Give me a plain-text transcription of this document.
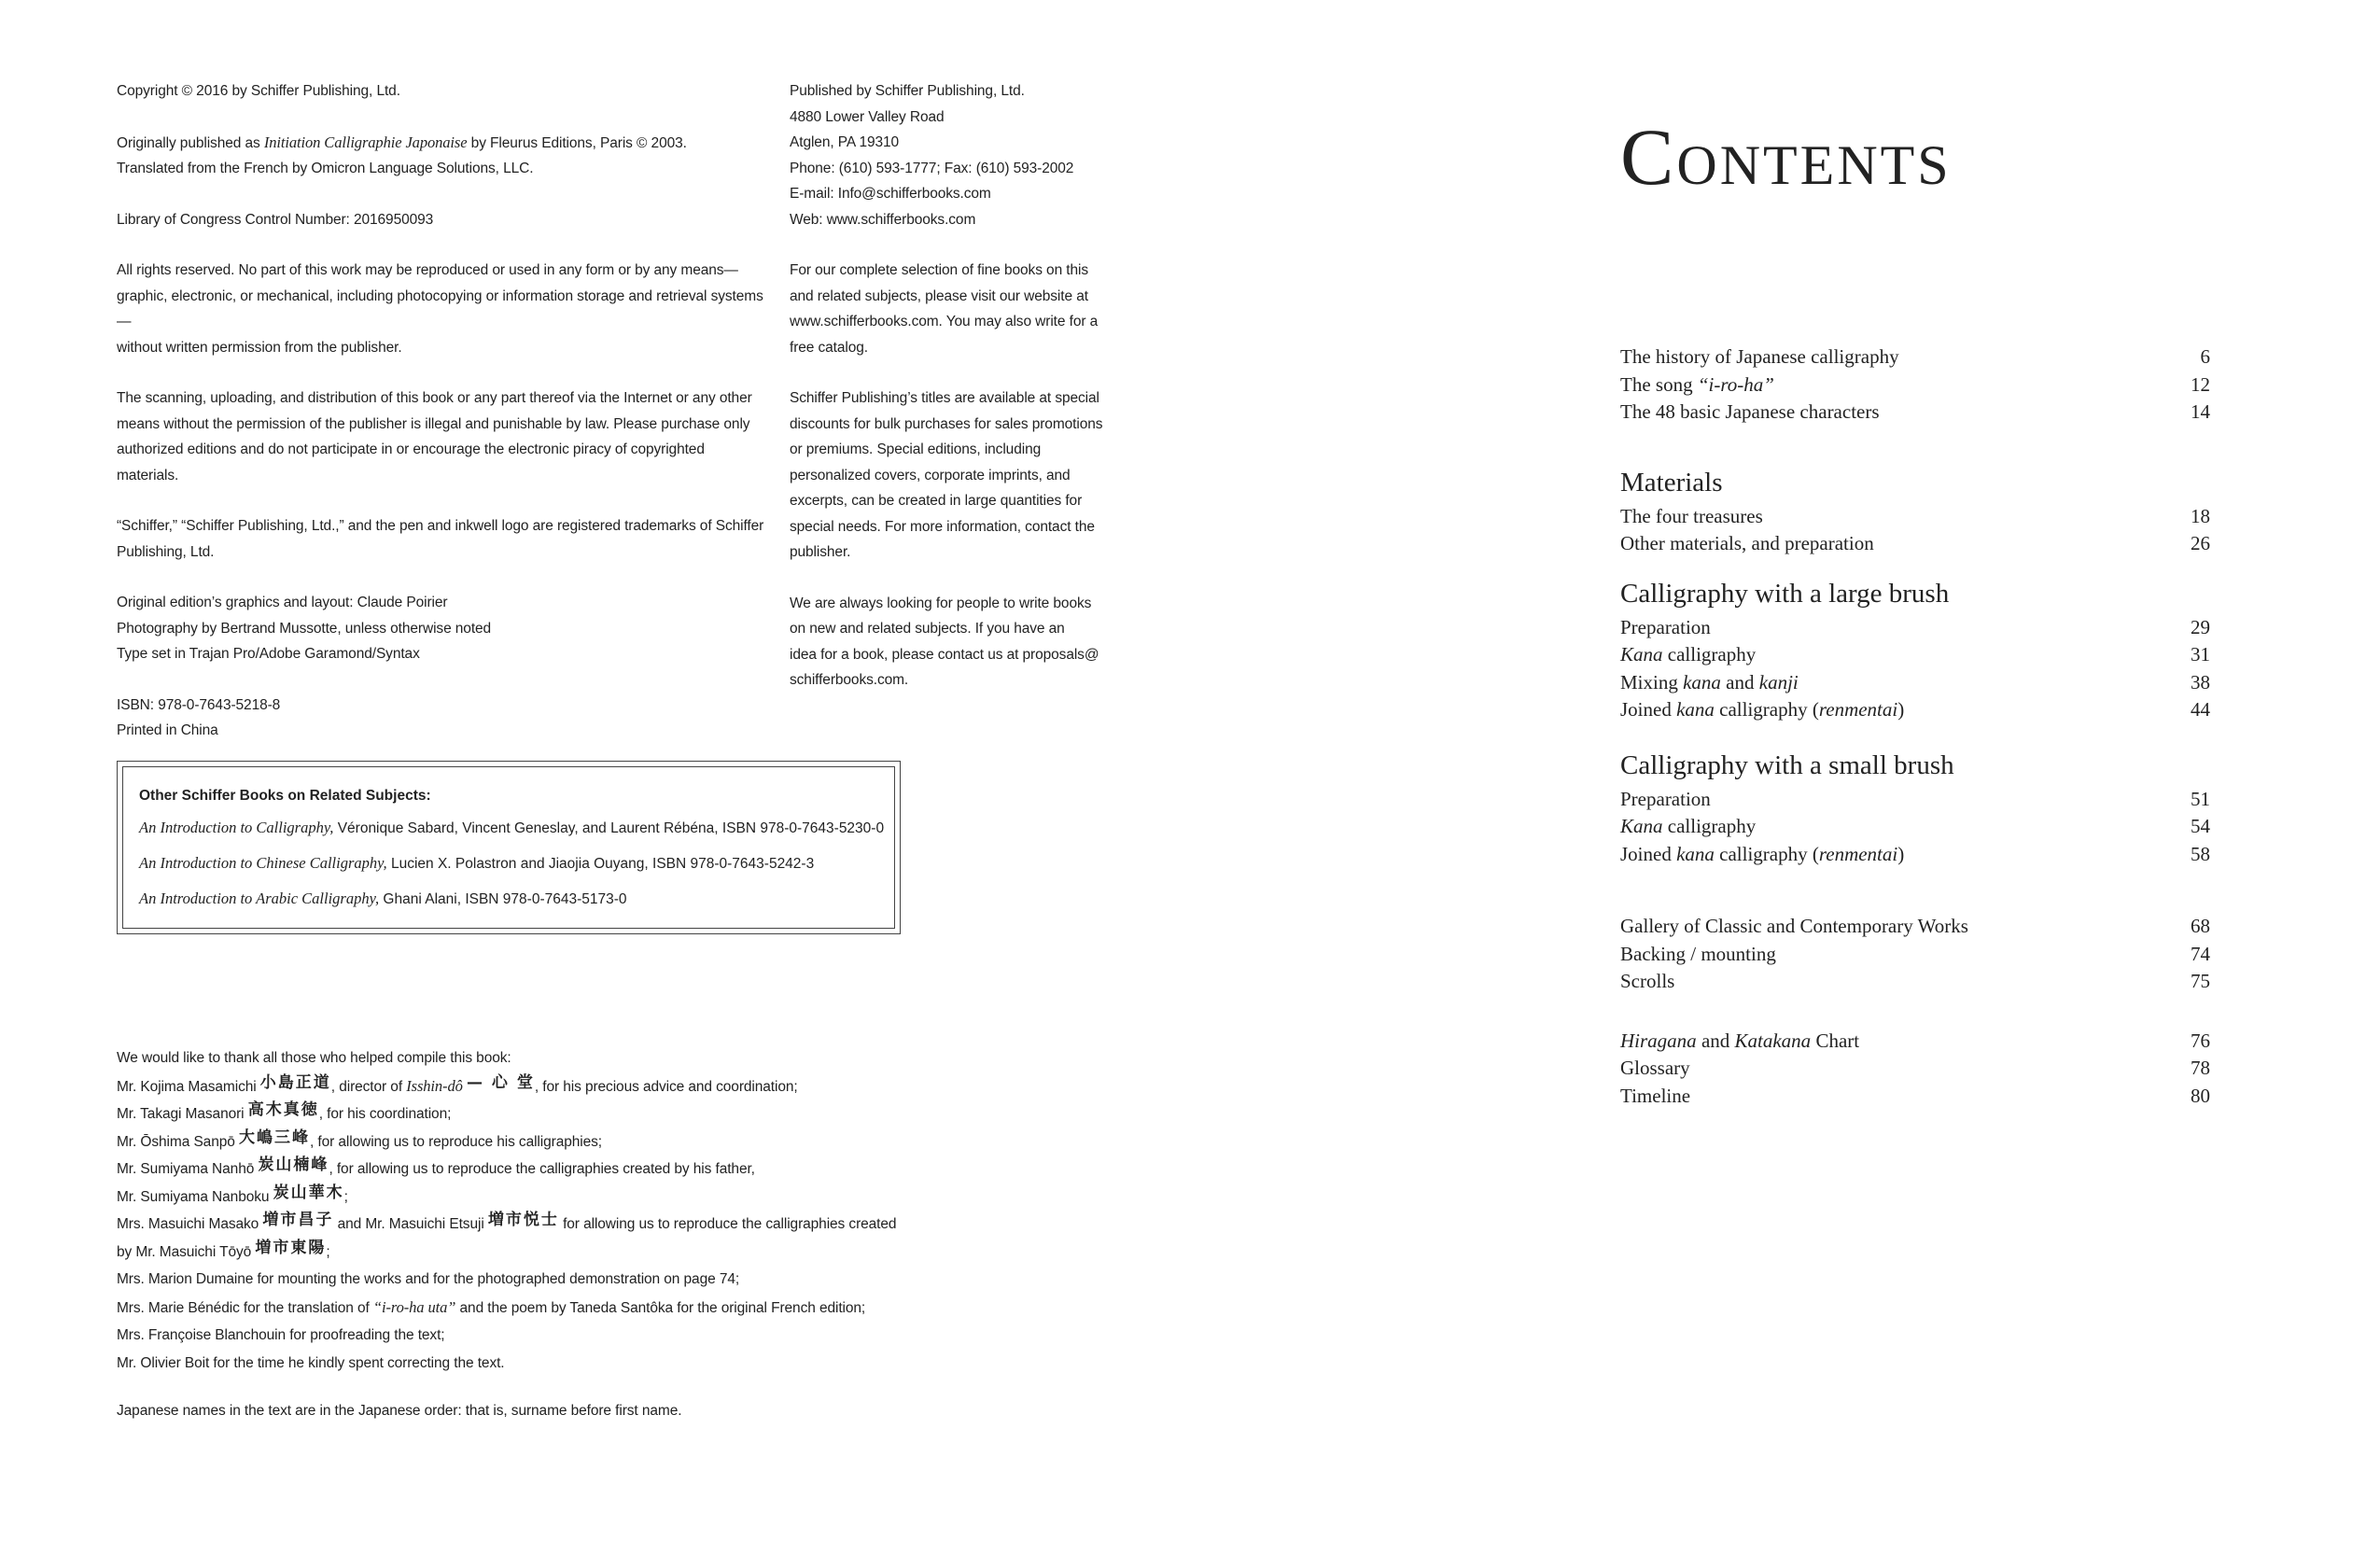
Copyright © 2016 by Schiffer Publishing, Ltd.

Originally published as Initiation Calligraphie Japonaise by Fleurus Editions, Paris © 2003.

Translated from the French by Omicron Language Solutions, LLC.

Library of Congress Control Number: 2016950093

All rights reserved. No part of this work may be reproduced or used in any form or by any means—

graphic, electronic, or mechanical, including photocopying or information storage and retrieval systems—

without written permission from the publisher.

The scanning, uploading, and distribution of this book or any part thereof via the Internet or any other

means without the permission of the publisher is illegal and punishable by law. Please purchase only

authorized editions and do not participate in or encourage the electronic piracy of copyrighted materials.

“Schiffer,” “Schiffer Publishing, Ltd.,” and the pen and inkwell logo are registered trademarks of Schiffer

Publishing, Ltd.

Original edition’s graphics and layout: Claude Poirier

Photography by Bertrand Mussotte, unless otherwise noted

Type set in Trajan Pro/Adobe Garamond/Syntax

ISBN: 978-0-7643-5218-8

Printed in China

Published by Schiffer Publishing, Ltd.

4880 Lower Valley Road

Atglen, PA 19310

Phone: (610) 593-1777; Fax: (610) 593-2002

E-mail: Info@schifferbooks.com

Web: www.schifferbooks.com

For our complete selection of fine books on this

and related subjects, please visit our website at

www.schifferbooks.com. You may also write for a

free catalog.

Schiffer Publishing’s titles are available at special

discounts for bulk purchases for sales promotions

or premiums. Special editions, including

personalized covers, corporate imprints, and

excerpts, can be created in large quantities for

special needs. For more information, contact the

publisher.

We are always looking for people to write books

on new and related subjects. If you have an

idea for a book, please contact us at proposals@

schifferbooks.com.

Other Schiffer Books on Related Subjects:
An Introduction to Calligraphy, Véronique Sabard, Vincent Geneslay, and Laurent Rébéna, ISBN 978-0-7643-5230-0
An Introduction to Chinese Calligraphy, Lucien X. Polastron and Jiaojia Ouyang, ISBN 978-0-7643-5242-3
An Introduction to Arabic Calligraphy, Ghani Alani, ISBN 978-0-7643-5173-0

We would like to thank all those who helped compile this book:

Mr. Kojima Masamichi 小島正道, director of Isshin-dô — 心 堂, for his precious advice and coordination;

Mr. Takagi Masanori 高木真徳, for his coordination;

Mr. Ōshima Sanpō 大嶋三峰, for allowing us to reproduce his calligraphies;

Mr. Sumiyama Nanhō 炭山楠峰, for allowing us to reproduce the calligraphies created by his father,

Mr. Sumiyama Nanboku 炭山華木;

Mrs. Masuichi Masako 増市昌子 and Mr. Masuichi Etsuji 増市悦士 for allowing us to reproduce the calligraphies created

by Mr. Masuichi Tōyō 増市東陽;

Mrs. Marion Dumaine for mounting the works and for the photographed demonstration on page 74;

Mrs. Marie Bénédic for the translation of “i-ro-ha uta” and the poem by Taneda Santôka for the original French edition;

Mrs. Françoise Blanchouin for proofreading the text;

Mr. Olivier Boit for the time he kindly spent correcting the text.

Japanese names in the text are in the Japanese order: that is, surname before first name.

Contents
The history of Japanese calligraphy	6
The song “i-ro-ha”	12
The 48 basic Japanese characters	14
Materials
The four treasures	18
Other materials, and preparation	26
Calligraphy with a large brush
Preparation	29
Kana calligraphy	31
Mixing kana and kanji	38
Joined kana calligraphy (renmentai)	44
Calligraphy with a small brush
Preparation	51
Kana calligraphy	54
Joined kana calligraphy (renmentai)	58
Gallery of Classic and Contemporary Works	68
Backing / mounting	74
Scrolls	75
Hiragana and Katakana Chart	76
Glossary	78
Timeline	80
